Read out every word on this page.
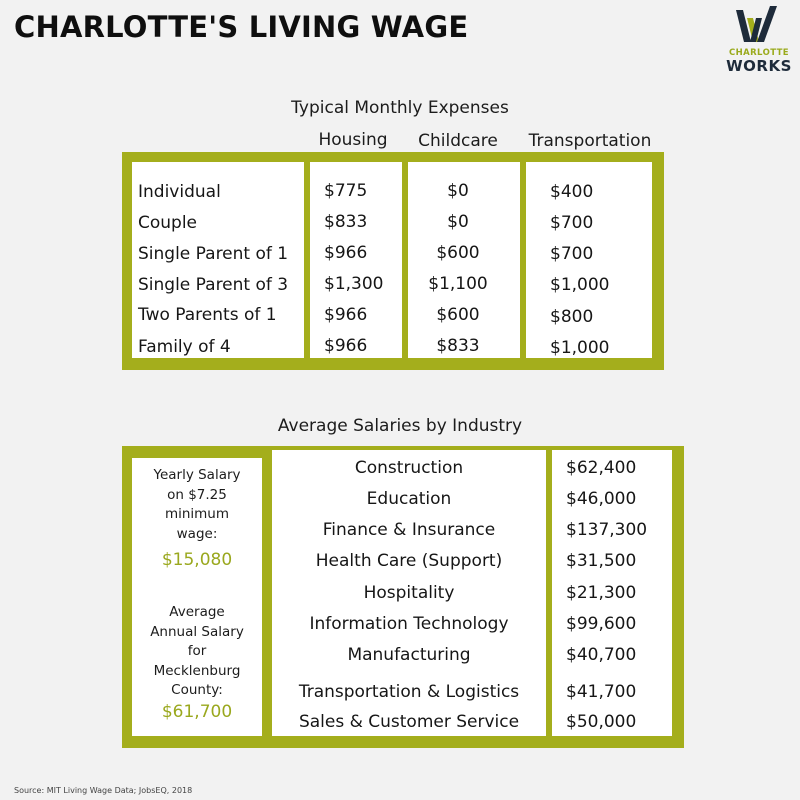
CHARLOTTE'S LIVING WAGE
CHARLOTTE
WORKS
Typical Monthly Expenses
Housing	Childcare	Transportation
Individual
Couple
Single Parent of 1
Single Parent of 3
Two Parents of 1
Family of 4
$775
$833
$966
$1,300
$966
$966
$0
$0
$600
$1,100
$600
$833
$400
$700
$700
$1,000
$800
$1,000
Average Salaries by Industry
Yearly Salary
on $7.25
minimum
wage:
$15,080
Average
Annual Salary
for
Mecklenburg
County:
$61,700
Construction
Education
Finance & Insurance
Health Care (Support)
Hospitality
Information Technology
Manufacturing
Transportation & Logistics
Sales & Customer Service
$62,400
$46,000
$137,300
$31,500
$21,300
$99,600
$40,700
$41,700
$50,000
Source: MIT Living Wage Data; JobsEQ, 2018
